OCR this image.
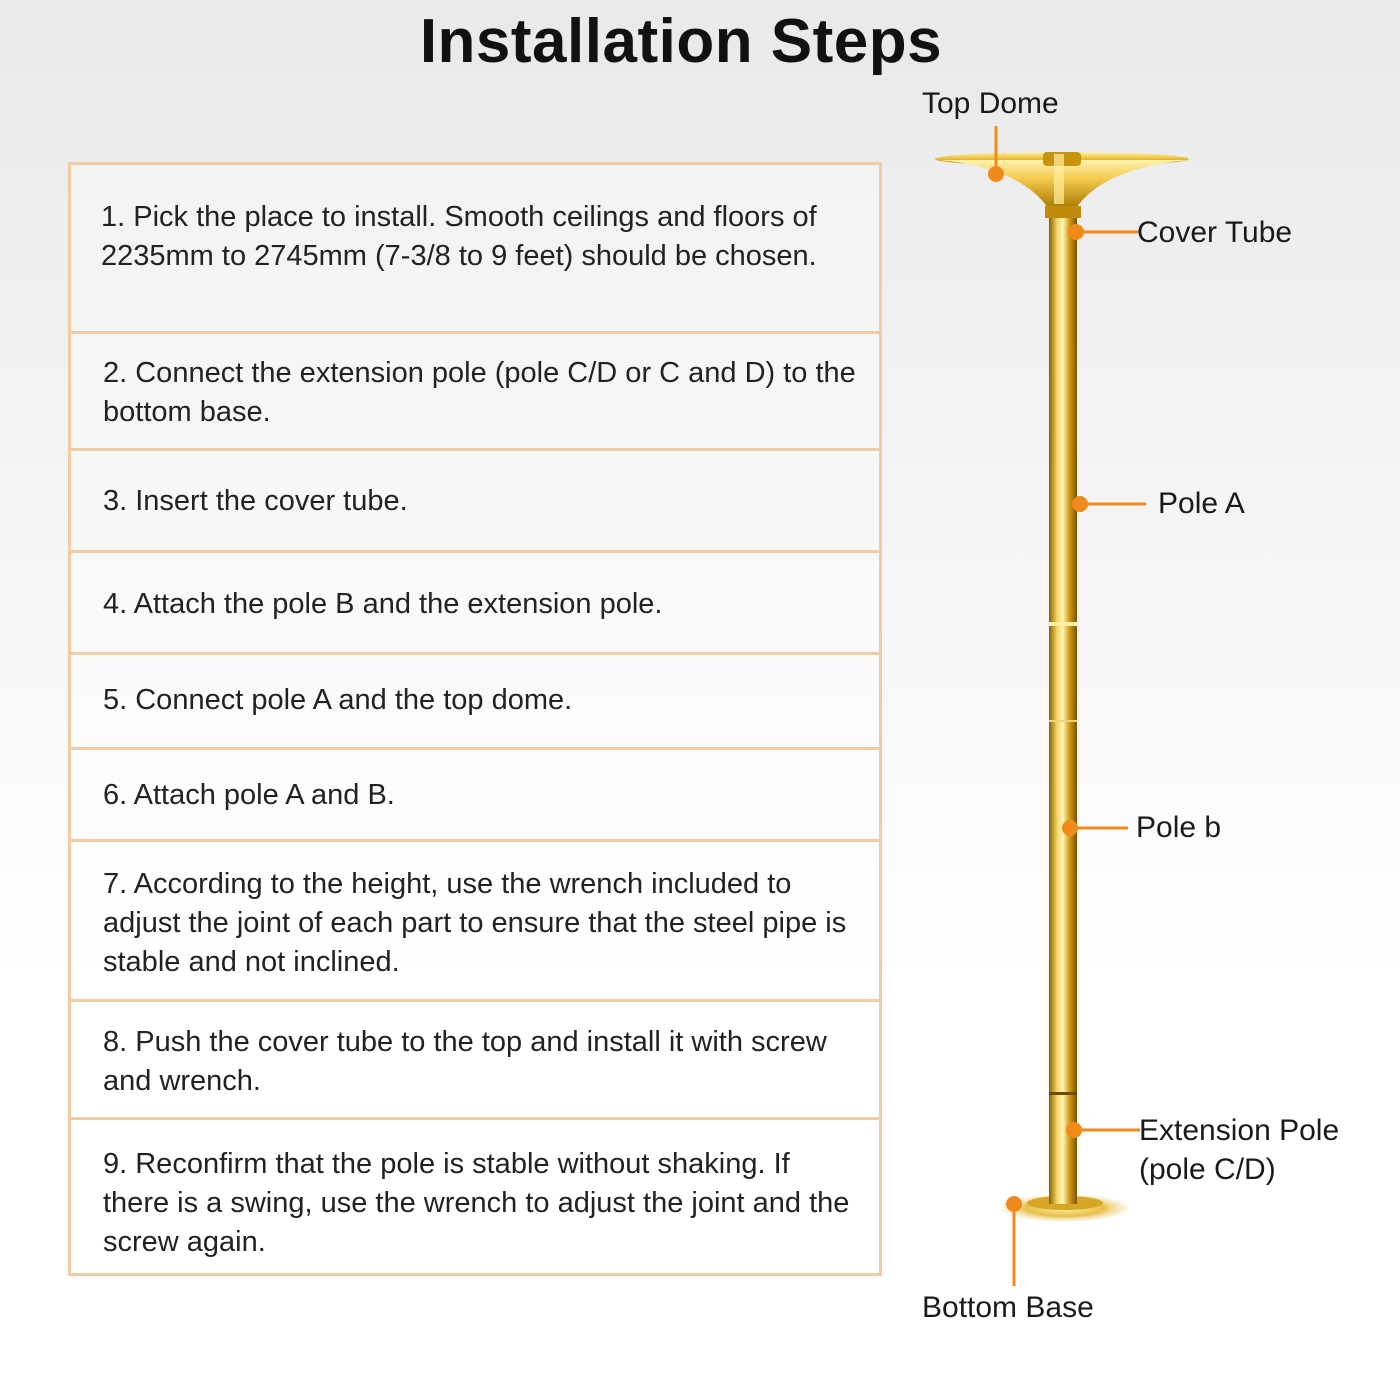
Installation Steps
1. Pick the place to install. Smooth ceilings and floors of 2235mm to 2745mm (7-3/8 to 9 feet) should be chosen.
2. Connect the extension pole (pole C/D or C and D) to the bottom base.
3. Insert the cover tube.
4. Attach the pole B and the extension pole.
5. Connect pole A and the top dome.
6. Attach pole A and B.
7. According to the height, use the wrench included to adjust the joint of each part to ensure that the steel pipe is stable and not inclined.
8. Push the cover tube to the top and install it with screw and wrench.
9. Reconfirm that the pole is stable without shaking. If there is a swing, use the wrench to adjust the joint and the screw again.
Top Dome
Cover Tube
Pole A
Pole b
Extension Pole
(pole C/D)
Bottom Base
